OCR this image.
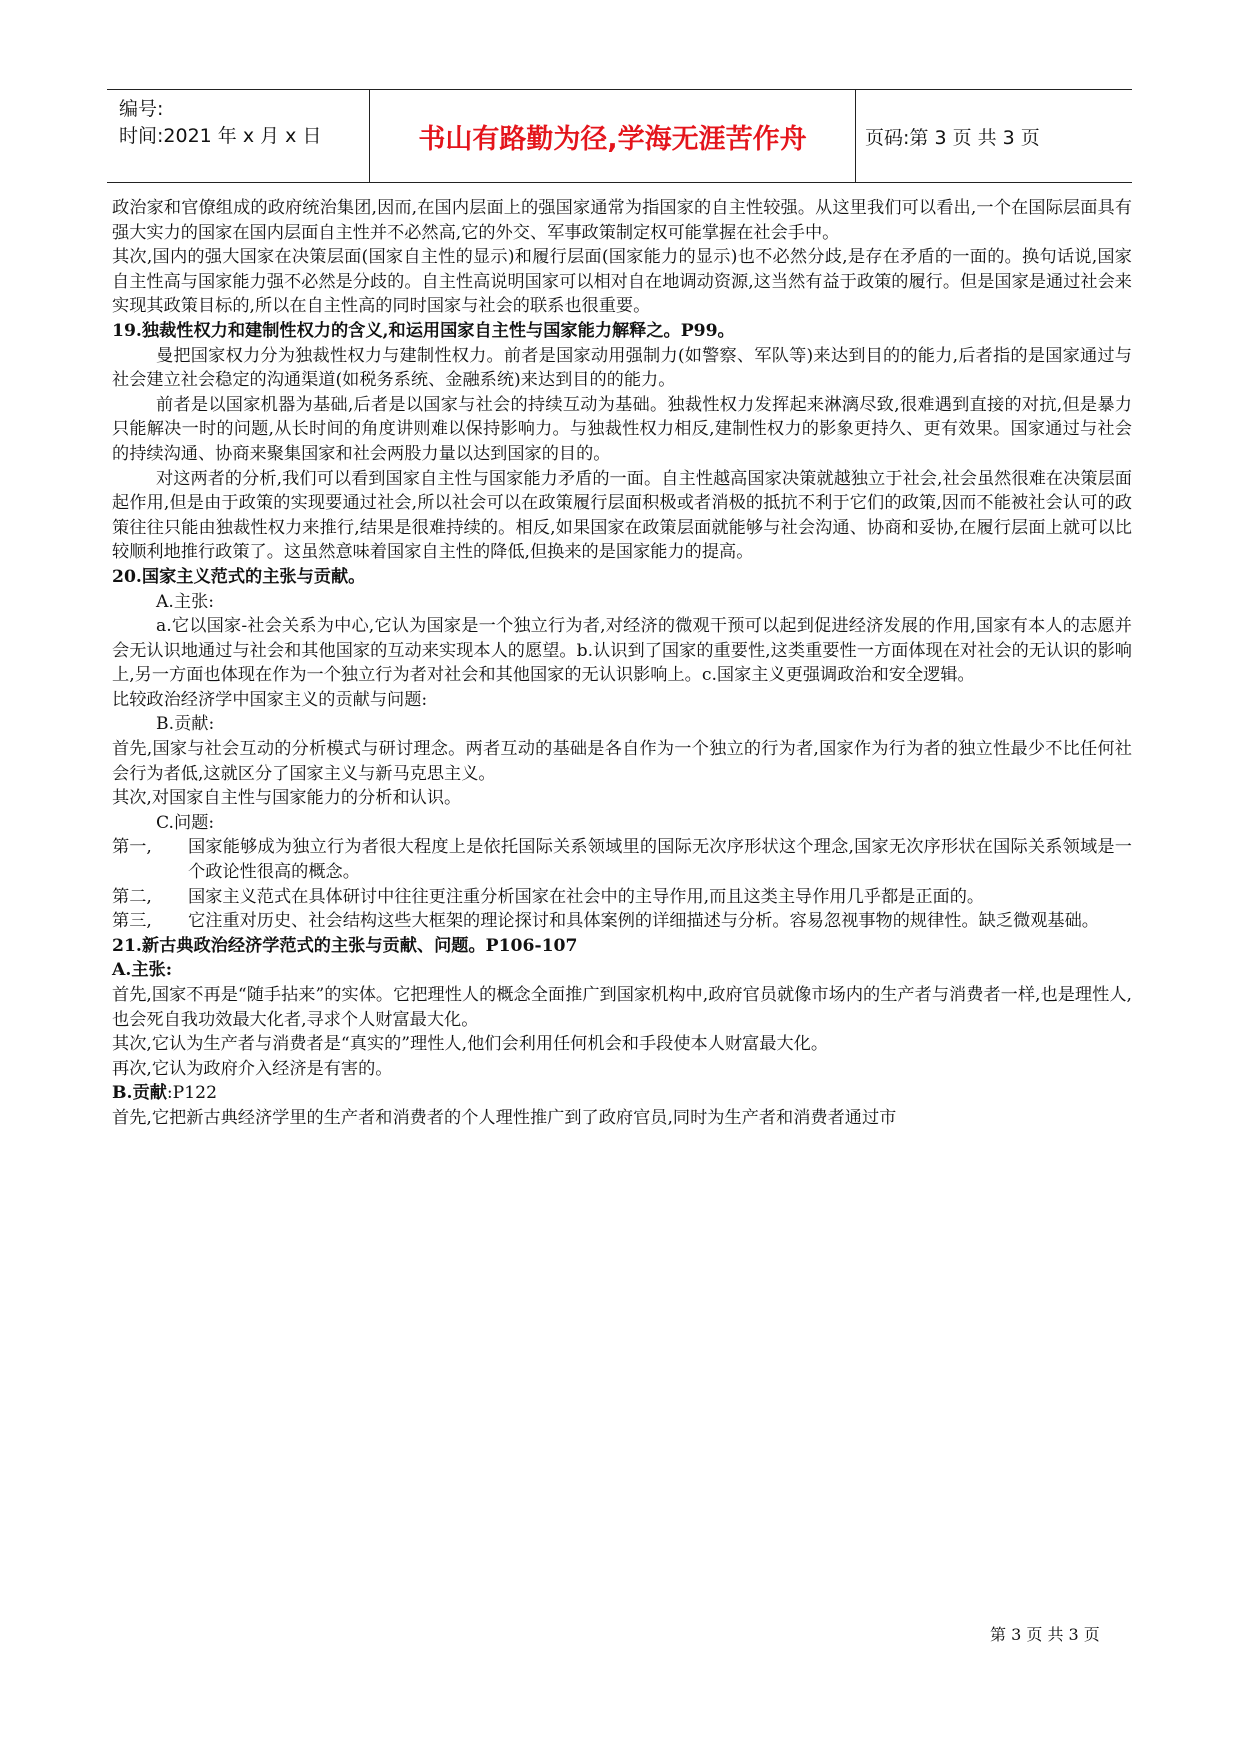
编号:
时间:2021 年 x 月 x 日	书山有路勤为径,学海无涯苦作舟	页码:第 3 页 共 3 页

政治家和官僚组成的政府统治集团,因而,在国内层面上的强国家通常为指国家的自主性较强。从这里我们可以看出,一个在国际层面具有强大实力的国家在国内层面自主性并不必然高,它的外交、军事政策制定权可能掌握在社会手中。

其次,国内的强大国家在决策层面(国家自主性的显示)和履行层面(国家能力的显示)也不必然分歧,是存在矛盾的一面的。换句话说,国家自主性高与国家能力强不必然是分歧的。自主性高说明国家可以相对自在地调动资源,这当然有益于政策的履行。但是国家是通过社会来实现其政策目标的,所以在自主性高的同时国家与社会的联系也很重要。

19.独裁性权力和建制性权力的含义,和运用国家自主性与国家能力解释之。P99。

曼把国家权力分为独裁性权力与建制性权力。前者是国家动用强制力(如警察、军队等)来达到目的的能力,后者指的是国家通过与社会建立社会稳定的沟通渠道(如税务系统、金融系统)来达到目的的能力。

前者是以国家机器为基础,后者是以国家与社会的持续互动为基础。独裁性权力发挥起来淋漓尽致,很难遇到直接的对抗,但是暴力只能解决一时的问题,从长时间的角度讲则难以保持影响力。与独裁性权力相反,建制性权力的影象更持久、更有效果。国家通过与社会的持续沟通、协商来聚集国家和社会两股力量以达到国家的目的。

对这两者的分析,我们可以看到国家自主性与国家能力矛盾的一面。自主性越高国家决策就越独立于社会,社会虽然很难在决策层面起作用,但是由于政策的实现要通过社会,所以社会可以在政策履行层面积极或者消极的抵抗不利于它们的政策,因而不能被社会认可的政策往往只能由独裁性权力来推行,结果是很难持续的。相反,如果国家在政策层面就能够与社会沟通、协商和妥协,在履行层面上就可以比较顺利地推行政策了。这虽然意味着国家自主性的降低,但换来的是国家能力的提高。

20.国家主义范式的主张与贡献。

A.主张:

a.它以国家-社会关系为中心,它认为国家是一个独立行为者,对经济的微观干预可以起到促进经济发展的作用,国家有本人的志愿并会无认识地通过与社会和其他国家的互动来实现本人的愿望。b.认识到了国家的重要性,这类重要性一方面体现在对社会的无认识的影响上,另一方面也体现在作为一个独立行为者对社会和其他国家的无认识影响上。c.国家主义更强调政治和安全逻辑。

比较政治经济学中国家主义的贡献与问题:

B.贡献:

首先,国家与社会互动的分析模式与研讨理念。两者互动的基础是各自作为一个独立的行为者,国家作为行为者的独立性最少不比任何社会行为者低,这就区分了国家主义与新马克思主义。

其次,对国家自主性与国家能力的分析和认识。

C.问题:

第一,	国家能够成为独立行为者很大程度上是依托国际关系领域里的国际无次序形状这个理念,国家无次序形状在国际关系领域是一个政论性很高的概念。
第二,	国家主义范式在具体研讨中往往更注重分析国家在社会中的主导作用,而且这类主导作用几乎都是正面的。
第三,	它注重对历史、社会结构这些大框架的理论探讨和具体案例的详细描述与分析。容易忽视事物的规律性。缺乏微观基础。

21.新古典政治经济学范式的主张与贡献、问题。P106-107

A.主张:

首先,国家不再是“随手拈来”的实体。它把理性人的概念全面推广到国家机构中,政府官员就像市场内的生产者与消费者一样,也是理性人,也会死自我功效最大化者,寻求个人财富最大化。

其次,它认为生产者与消费者是“真实的”理性人,他们会利用任何机会和手段使本人财富最大化。

再次,它认为政府介入经济是有害的。

B.贡献:P122

首先,它把新古典经济学里的生产者和消费者的个人理性推广到了政府官员,同时为生产者和消费者通过市

第 3 页 共 3 页
